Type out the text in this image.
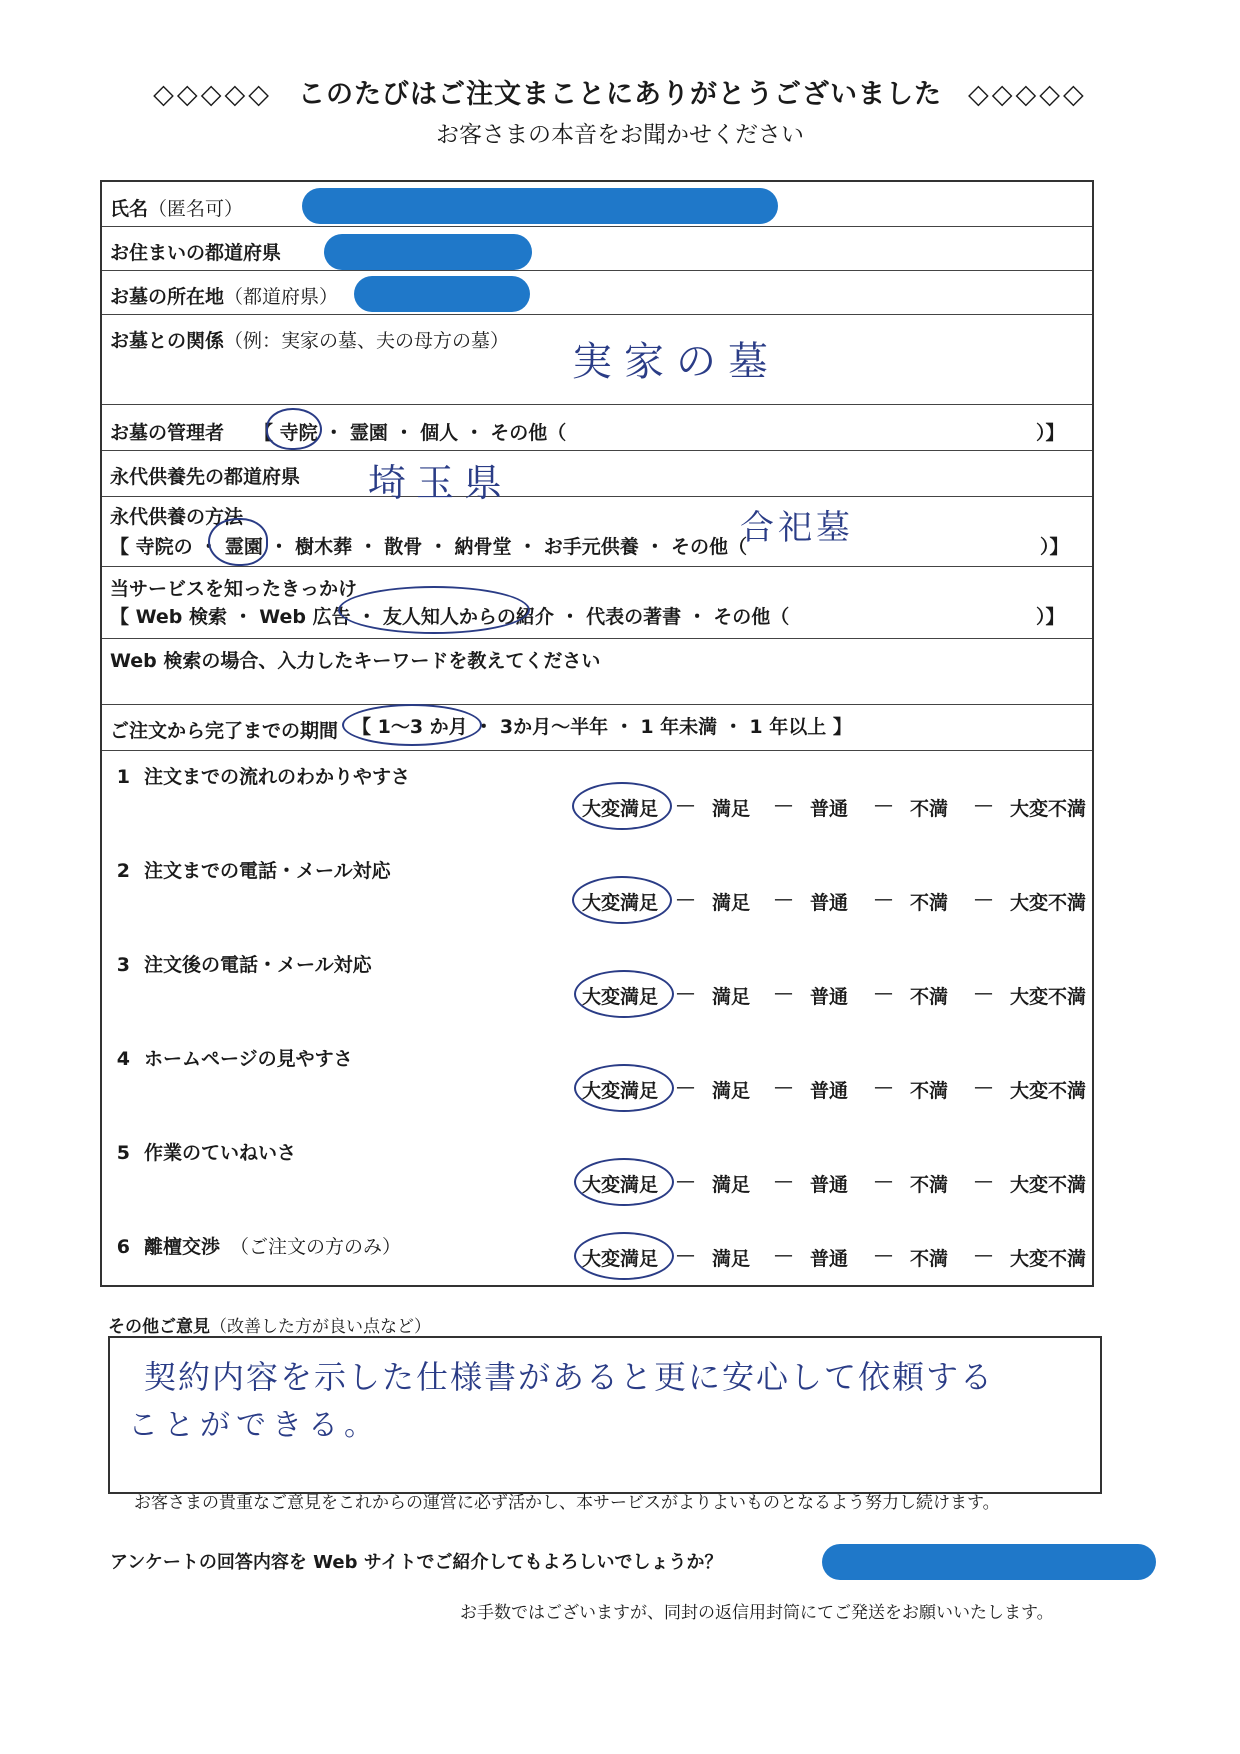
◇◇◇◇◇ このたびはご注文まことにありがとうございました ◇◇◇◇◇
お客さまの本音をお聞かせください
氏名（匿名可）
お住まいの都道府県
お墓の所在地（都道府県）
お墓との関係（例：実家の墓、夫の母方の墓） 実家の墓
お墓の管理者 【 寺院 ・ 霊園 ・ 個人 ・ その他（	）】
永代供養先の都道府県 埼玉県
永代供養の方法
【 寺院の ・ 霊園 ・ 樹木葬 ・ 散骨 ・ 納骨堂 ・ お手元供養 ・ その他（
合祀墓	）】
当サービスを知ったきっかけ
【 Web 検索 ・ Web 広告 ・ 友人知人からの紹介 ・ 代表の著書 ・ その他（	）】
Web 検索の場合、入力したキーワードを教えてください
ご注文から完了までの期間 【 1～3 か月 ・ 3か月～半年 ・ 1 年未満 ・ 1 年以上 】
1 注文までの流れのわかりやすさ
大変満足 — 満足 — 普通 — 不満 — 大変不満
2 注文までの電話・メール対応
大変満足 — 満足 — 普通 — 不満 — 大変不満
3 注文後の電話・メール対応
大変満足 — 満足 — 普通 — 不満 — 大変不満
4 ホームページの見やすさ
大変満足 — 満足 — 普通 — 不満 — 大変不満
5 作業のていねいさ
大変満足 — 満足 — 普通 — 不満 — 大変不満
6 離檀交渉 （ご注文の方のみ）
大変満足 — 満足 — 普通 — 不満 — 大変不満
その他ご意見（改善した方が良い点など）
契約内容を示した仕様書があると更に安心して依頼する
ことができる。
お客さまの貴重なご意見をこれからの運営に必ず活かし、本サービスがよりよいものとなるよう努力し続けます。
アンケートの回答内容を Web サイトでご紹介してもよろしいでしょうか？
お手数ではございますが、同封の返信用封筒にてご発送をお願いいたします。
